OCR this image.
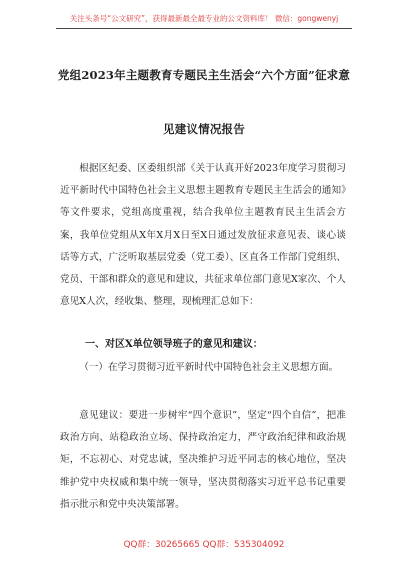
关注头条号“公文研究”，获得最新最全最专业的公文资料库！ 微信：gongwenyj
党组2023年主题教育专题民主生活会“六个方面”征求意
见建议情况报告

根据区纪委、区委组织部《关于认真开好2023年度学习贯彻习近平新时代中国特色社会主义思想主题教育专题民主生活会的通知》等文件要求，党组高度重视，结合我单位主题教育民主生活会方案，我单位党组从X年X月X日至X日通过发放征求意见表、谈心谈话等方式，广泛听取基层党委（党工委）、区直各工作部门党组织、党员、干部和群众的意见和建议，共征求单位部门意见X家次、个人意见X人次，经收集、整理，现梳理汇总如下：

一、对区X单位领导班子的意见和建议：

（一）在学习贯彻习近平新时代中国特色社会主义思想方面。

意见建议：要进一步树牢“四个意识”，坚定“四个自信”，把准政治方向、站稳政治立场、保持政治定力，严守政治纪律和政治规矩，不忘初心、对党忠诚，坚决维护习近平同志的核心地位，坚决维护党中央权威和集中统一领导，坚决贯彻落实习近平总书记重要指示批示和党中央决策部署。

QQ群：30265665 QQ群：535304092
